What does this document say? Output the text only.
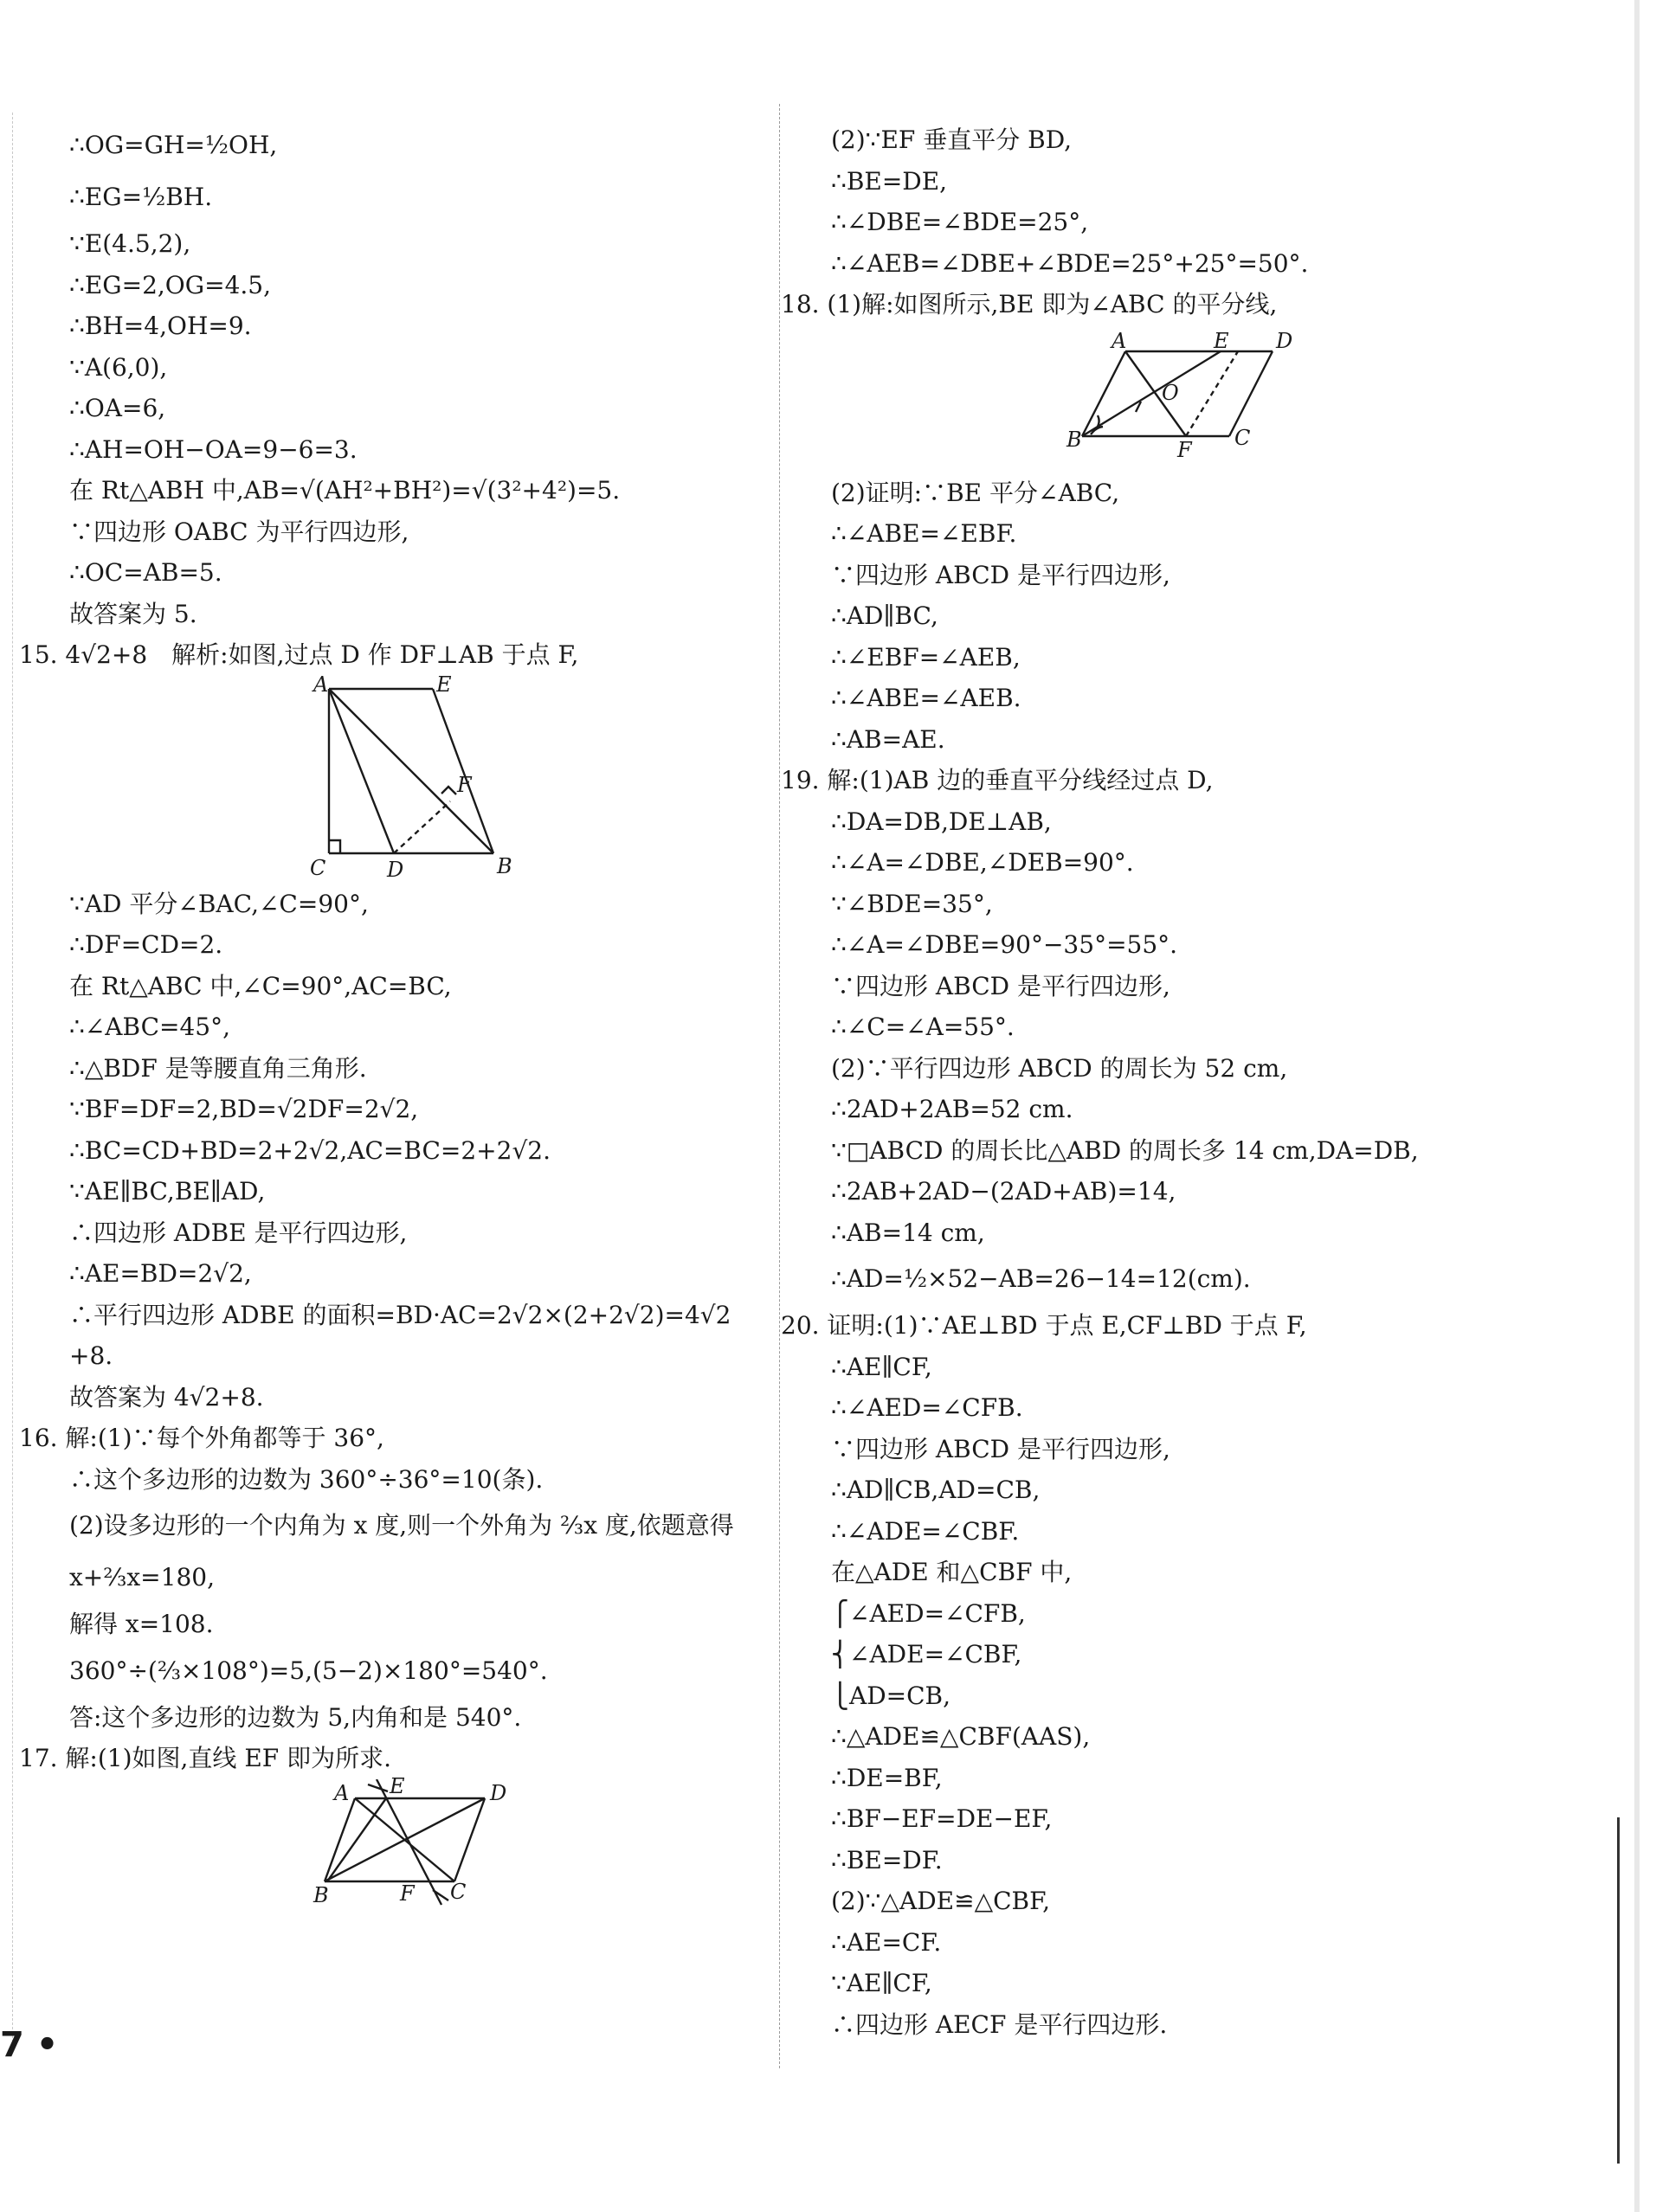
∴OG=GH=½OH,
∴EG=½BH.
∵E(4.5,2),
∴EG=2,OG=4.5,
∴BH=4,OH=9.
∵A(6,0),
∴OA=6,
∴AH=OH−OA=9−6=3.
在 Rt△ABH 中,AB=√(AH²+BH²)=√(3²+4²)=5.
∵四边形 OABC 为平行四边形,
∴OC=AB=5.
故答案为 5.
15. 4√2+8　解析:如图,过点 D 作 DF⊥AB 于点 F,
A	E
F
C	D	B
∵AD 平分∠BAC,∠C=90°,
∴DF=CD=2.
在 Rt△ABC 中,∠C=90°,AC=BC,
∴∠ABC=45°,
∴△BDF 是等腰直角三角形.
∵BF=DF=2,BD=√2DF=2√2,
∴BC=CD+BD=2+2√2,AC=BC=2+2√2.
∵AE∥BC,BE∥AD,
∴四边形 ADBE 是平行四边形,
∴AE=BD=2√2,
∴平行四边形 ADBE 的面积=BD·AC=2√2×(2+2√2)=4√2
+8.
故答案为 4√2+8.
16. 解:(1)∵每个外角都等于 36°,
∴这个多边形的边数为 360°÷36°=10(条).
(2)设多边形的一个内角为 x 度,则一个外角为 ⅔x 度,依题意得
x+⅔x=180,
解得 x=108.
360°÷(⅔×108°)=5,(5−2)×180°=540°.
答:这个多边形的边数为 5,内角和是 540°.
17. 解:(1)如图,直线 EF 即为所求.
A E	D
B	F C
(2)∵EF 垂直平分 BD,
∴BE=DE,
∴∠DBE=∠BDE=25°,
∴∠AEB=∠DBE+∠BDE=25°+25°=50°.
18. (1)解:如图所示,BE 即为∠ABC 的平分线,
A	E D
O
B	F C
(2)证明:∵BE 平分∠ABC,
∴∠ABE=∠EBF.
∵四边形 ABCD 是平行四边形,
∴AD∥BC,
∴∠EBF=∠AEB,
∴∠ABE=∠AEB.
∴AB=AE.
19. 解:(1)AB 边的垂直平分线经过点 D,
∴DA=DB,DE⊥AB,
∴∠A=∠DBE,∠DEB=90°.
∵∠BDE=35°,
∴∠A=∠DBE=90°−35°=55°.
∵四边形 ABCD 是平行四边形,
∴∠C=∠A=55°.
(2)∵平行四边形 ABCD 的周长为 52 cm,
∴2AD+2AB=52 cm.
∵□ABCD 的周长比△ABD 的周长多 14 cm,DA=DB,
∴2AB+2AD−(2AD+AB)=14,
∴AB=14 cm,
∴AD=½×52−AB=26−14=12(cm).
20. 证明:(1)∵AE⊥BD 于点 E,CF⊥BD 于点 F,
∴AE∥CF,
∴∠AED=∠CFB.
∵四边形 ABCD 是平行四边形,
∴AD∥CB,AD=CB,
∴∠ADE=∠CBF.
在△ADE 和△CBF 中,
⎧∠AED=∠CFB,
⎨∠ADE=∠CBF,
⎩AD=CB,
∴△ADE≌△CBF(AAS),
∴DE=BF,
∴BF−EF=DE−EF,
∴BE=DF.
(2)∵△ADE≌△CBF,
∴AE=CF.
∵AE∥CF,
∴四边形 AECF 是平行四边形.
7 •
